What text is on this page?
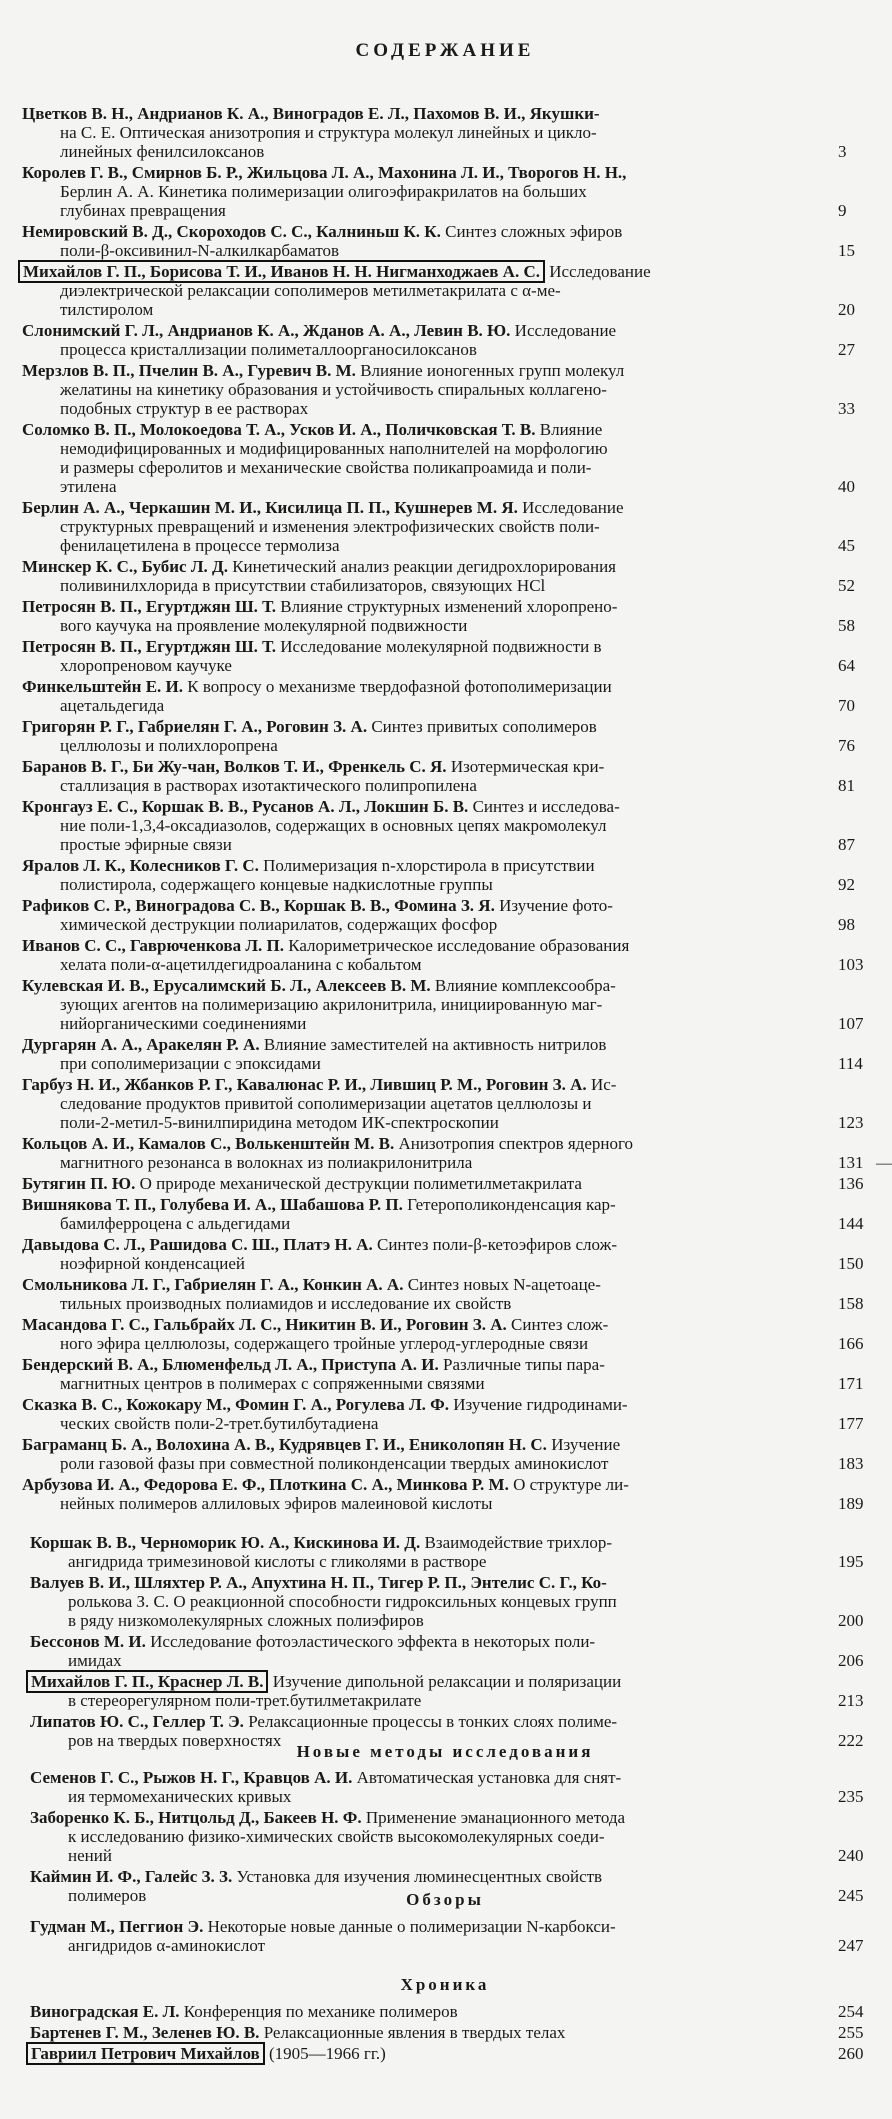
СОДЕРЖАНИЕ
Цветков В. Н., Андрианов К. А., Виноградов Е. Л., Пахомов В. И., Якушки-
на С. Е. Оптическая анизотропия и структура молекул линейных и цикло-
линейных фенилсилоксанов	3
Королев Г. В., Смирнов Б. Р., Жильцова Л. А., Махонина Л. И., Творогов Н. Н.,
Берлин А. А. Кинетика полимеризации олигоэфиракрилатов на больших
глубинах превращения	9
Немировский В. Д., Скороходов С. С., Калниньш К. К. Синтез сложных эфиров
поли-β-оксивинил-N-алкилкарбаматов	15
Михайлов Г. П., Борисова Т. И., Иванов Н. Н. Нигманходжаев А. С. Исследование
диэлектрической релаксации сополимеров метилметакрилата с α-ме-
тилстиролом	20
Слонимский Г. Л., Андрианов К. А., Жданов А. А., Левин В. Ю. Исследование
процесса кристаллизации полиметаллоорганосилоксанов	27
Мерзлов В. П., Пчелин В. А., Гуревич В. М. Влияние ионогенных групп молекул
желатины на кинетику образования и устойчивость спиральных коллагено-
подобных структур в ее растворах	33
Соломко В. П., Молокоедова Т. А., Усков И. А., Поличковская Т. В. Влияние
немодифицированных и модифицированных наполнителей на морфологию
и размеры сферолитов и механические свойства поликапроамида и поли-
этилена	40
Берлин А. А., Черкашин М. И., Кисилица П. П., Кушнерев М. Я. Исследование
структурных превращений и изменения электрофизических свойств поли-
фенилацетилена в процессе термолиза	45
Минскер К. С., Бубис Л. Д. Кинетический анализ реакции дегидрохлорирования
поливинилхлорида в присутствии стабилизаторов, связующих HCl	52
Петросян В. П., Егуртджян Ш. Т. Влияние структурных изменений хлоропрено-
вого каучука на проявление молекулярной подвижности	58
Петросян В. П., Егуртджян Ш. Т. Исследование молекулярной подвижности в
хлоропреновом каучуке	64
Финкельштейн Е. И. К вопросу о механизме твердофазной фотополимеризации
ацетальдегида	70
Григорян Р. Г., Габриелян Г. А., Роговин З. А. Синтез привитых сополимеров
целлюлозы и полихлоропрена	76
Баранов В. Г., Би Жу-чан, Волков Т. И., Френкель С. Я. Изотермическая кри-
сталлизация в растворах изотактического полипропилена	81
Кронгауз Е. С., Коршак В. В., Русанов А. Л., Локшин Б. В. Синтез и исследова-
ние поли-1,3,4-оксадиазолов, содержащих в основных цепях макромолекул
простые эфирные связи	87
Яралов Л. К., Колесников Г. С. Полимеризация n-хлорстирола в присутствии
полистирола, содержащего концевые надкислотные группы	92
Рафиков С. Р., Виноградова С. В., Коршак В. В., Фомина З. Я. Изучение фото-
химической деструкции полиарилатов, содержащих фосфор	98
Иванов С. С., Гаврюченкова Л. П. Калориметрическое исследование образования
хелата поли-α-ацетилдегидроаланина с кобальтом	103
Кулевская И. В., Ерусалимский Б. Л., Алексеев В. М. Влияние комплексообра-
зующих агентов на полимеризацию акрилонитрила, инициированную маг-
нийорганическими соединениями	107
Дургарян А. А., Аракелян Р. А. Влияние заместителей на активность нитрилов
при сополимеризации с эпоксидами	114
Гарбуз Н. И., Жбанков Р. Г., Кавалюнас Р. И., Лившиц Р. М., Роговин З. А. Ис-
следование продуктов привитой сополимеризации ацетатов целлюлозы и
поли-2-метил-5-винилпиридина методом ИК-спектроскопии	123
Кольцов А. И., Камалов С., Волькенштейн М. В. Анизотропия спектров ядерного
магнитного резонанса в волокнах из полиакрилонитрила	131
Бутягин П. Ю. О природе механической деструкции полиметилметакрилата	136
Вишнякова Т. П., Голубева И. А., Шабашова Р. П. Гетерополиконденсация кар-
бамилферроцена с альдегидами	144
Давыдова С. Л., Рашидова С. Ш., Платэ Н. А. Синтез поли-β-кетоэфиров слож-
ноэфирной конденсацией	150
Смольникова Л. Г., Габриелян Г. А., Конкин А. А. Синтез новых N-ацетоаце-
тильных производных полиамидов и исследование их свойств	158
Масандова Г. С., Гальбрайх Л. С., Никитин В. И., Роговин З. А. Синтез слож-
ного эфира целлюлозы, содержащего тройные углерод-углеродные связи	166
Бендерский В. А., Блюменфельд Л. А., Приступа А. И. Различные типы пара-
магнитных центров в полимерах с сопряженными связями	171
Сказка В. С., Кожокару М., Фомин Г. А., Рогулева Л. Ф. Изучение гидродинами-
ческих свойств поли-2-трет.бутилбутадиена	177
Баграманц Б. А., Волохина А. В., Кудрявцев Г. И., Ениколопян Н. С. Изучение
роли газовой фазы при совместной поликонденсации твердых аминокислот	183
Арбузова И. А., Федорова Е. Ф., Плоткина С. А., Минкова Р. М. О структуре ли-
нейных полимеров аллиловых эфиров малеиновой кислоты	189
Коршак В. В., Черноморик Ю. А., Кискинова И. Д. Взаимодействие трихлор-
ангидрида тримезиновой кислоты с гликолями в растворе	195
Валуев В. И., Шляхтер Р. А., Апухтина Н. П., Тигер Р. П., Энтелис С. Г., Ко-
ролькова З. С. О реакционной способности гидроксильных концевых групп
в ряду низкомолекулярных сложных полиэфиров	200
Бессонов М. И. Исследование фотоэластического эффекта в некоторых поли-
имидах	206
Михайлов Г. П., Краснер Л. В. Изучение дипольной релаксации и поляризации
в стереорегулярном поли-трет.бутилметакрилате	213
Липатов Ю. С., Геллер Т. Э. Релаксационные процессы в тонких слоях полиме-
ров на твердых поверхностях	222
Семенов Г. С., Рыжов Н. Г., Кравцов А. И. Автоматическая установка для снят-
ия термомеханических кривых	235
Заборенко К. Б., Нитцольд Д., Бакеев Н. Ф. Применение эманационного метода
к исследованию физико-химических свойств высокомолекулярных соеди-
нений	240
Каймин И. Ф., Галейс З. З. Установка для изучения люминесцентных свойств
полимеров	245
Гудман М., Пеггион Э. Некоторые новые данные о полимеризации N-карбокси-
ангидридов α-аминокислот	247
Виноградская Е. Л. Конференция по механике полимеров	254
Бартенев Г. М., Зеленев Ю. В. Релаксационные явления в твердых телах	255
Гавриил Петрович Михайлов (1905—1966 гг.)	260
Новые методы исследования
Обзоры
Хроника
—
